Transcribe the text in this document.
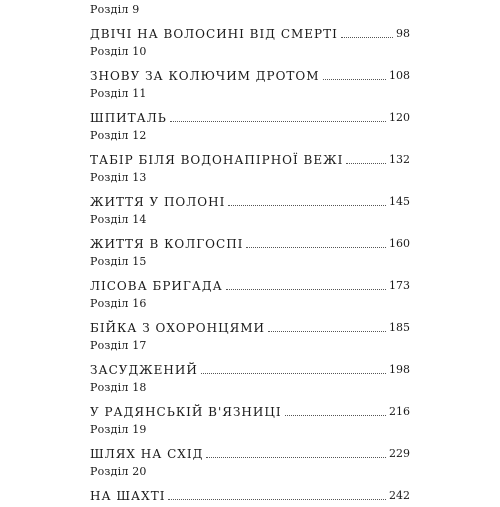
Розділ 9
ДВІЧІ НА ВОЛОСИНІ ВІД СМЕРТІ	98
Розділ 10
ЗНОВУ ЗА КОЛЮЧИМ ДРОТОМ	108
Розділ 11
ШПИТАЛЬ	120
Розділ 12
ТАБІР БІЛЯ ВОДОНАПІРНОЇ ВЕЖІ	132
Розділ 13
ЖИТТЯ У ПОЛОНІ	145
Розділ 14
ЖИТТЯ В КОЛГОСПІ	160
Розділ 15
ЛІСОВА БРИГАДА	173
Розділ 16
БІЙКА З ОХОРОНЦЯМИ	185
Розділ 17
ЗАСУДЖЕНИЙ	198
Розділ 18
У РАДЯНСЬКІЙ В'ЯЗНИЦІ	216
Розділ 19
ШЛЯХ НА СХІД	229
Розділ 20
НА ШАХТІ	242
